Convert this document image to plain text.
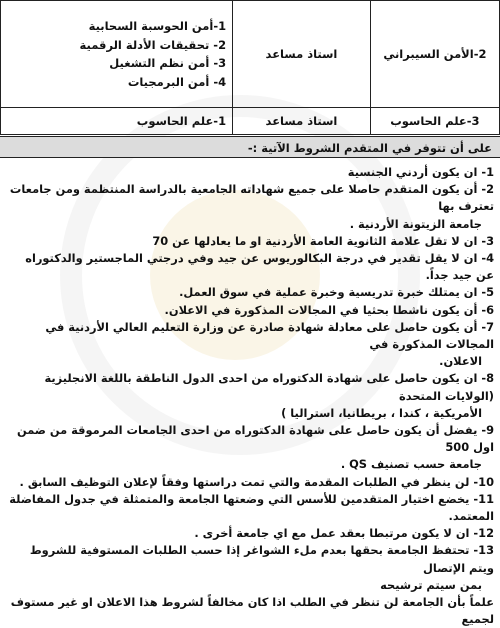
2-الأمن السيبراني	استاذ مساعد	1-أمن الحوسبة السحابية
2- تحقيقات الأدلة الرقمية
3- أمن نظم التشغيل
4- أمن البرمجيات

3-علم الحاسوب	استاذ مساعد	1-علم الحاسوب
على أن تتوفر في المتقدم الشروط الآتية :-

1- ان يكون أردني الجنسية

2- أن يكون المتقدم حاصلا على جميع شهاداته الجامعية بالدراسة المنتظمة ومن جامعات تعترف بها

جامعة الزيتونة الأردنية .

3- ان لا تقل علامة الثانوية العامة الأردنية او ما يعادلها عن 70

4- ان لا يقل تقدير في درجة البكالوريوس عن جيد وفي درجتي الماجستير والدكتوراه عن جيد جداً.

5- ان يمتلك خبرة تدريسية وخبرة عملية في سوق العمل.

6- أن يكون ناشطا بحثيا في المجالات المذكورة في الاعلان.

7- أن يكون حاصل على معادلة شهادة صادرة عن وزارة التعليم العالي الأردنية في المجالات المذكورة في

الاعلان.

8- ان يكون حاصل على شهادة الدكتوراه من احدى الدول الناطقة باللغة الانجليزية (الولايات المتحدة

الأمريكية ، كندا ، بريطانيا، استراليا )

9- يفضل أن يكون حاصل على شهادة الدكتوراه من احدى الجامعات المرموقة من ضمن اول 500

جامعة حسب تصنيف QS .

10- لن ينظر في الطلبات المقدمة والتي تمت دراستها وفقاً لإعلان التوظيف السابق .

11- يخضع اختيار المتقدمين للأسس التي وضعتها الجامعة والمتمثلة في جدول المفاضلة المعتمد.

12- ان لا يكون مرتبطا بعقد عمل مع اي جامعة أخرى .

13- تحتفظ الجامعة بحقها بعدم ملء الشواغر إذا حسب الطلبات المستوفية للشروط ويتم الإتصال

بمن سيتم ترشيحه

علماً بأن الجامعة لن تنظر في الطلب اذا كان مخالفاً لشروط هذا الاعلان او غير مستوف لجميع
